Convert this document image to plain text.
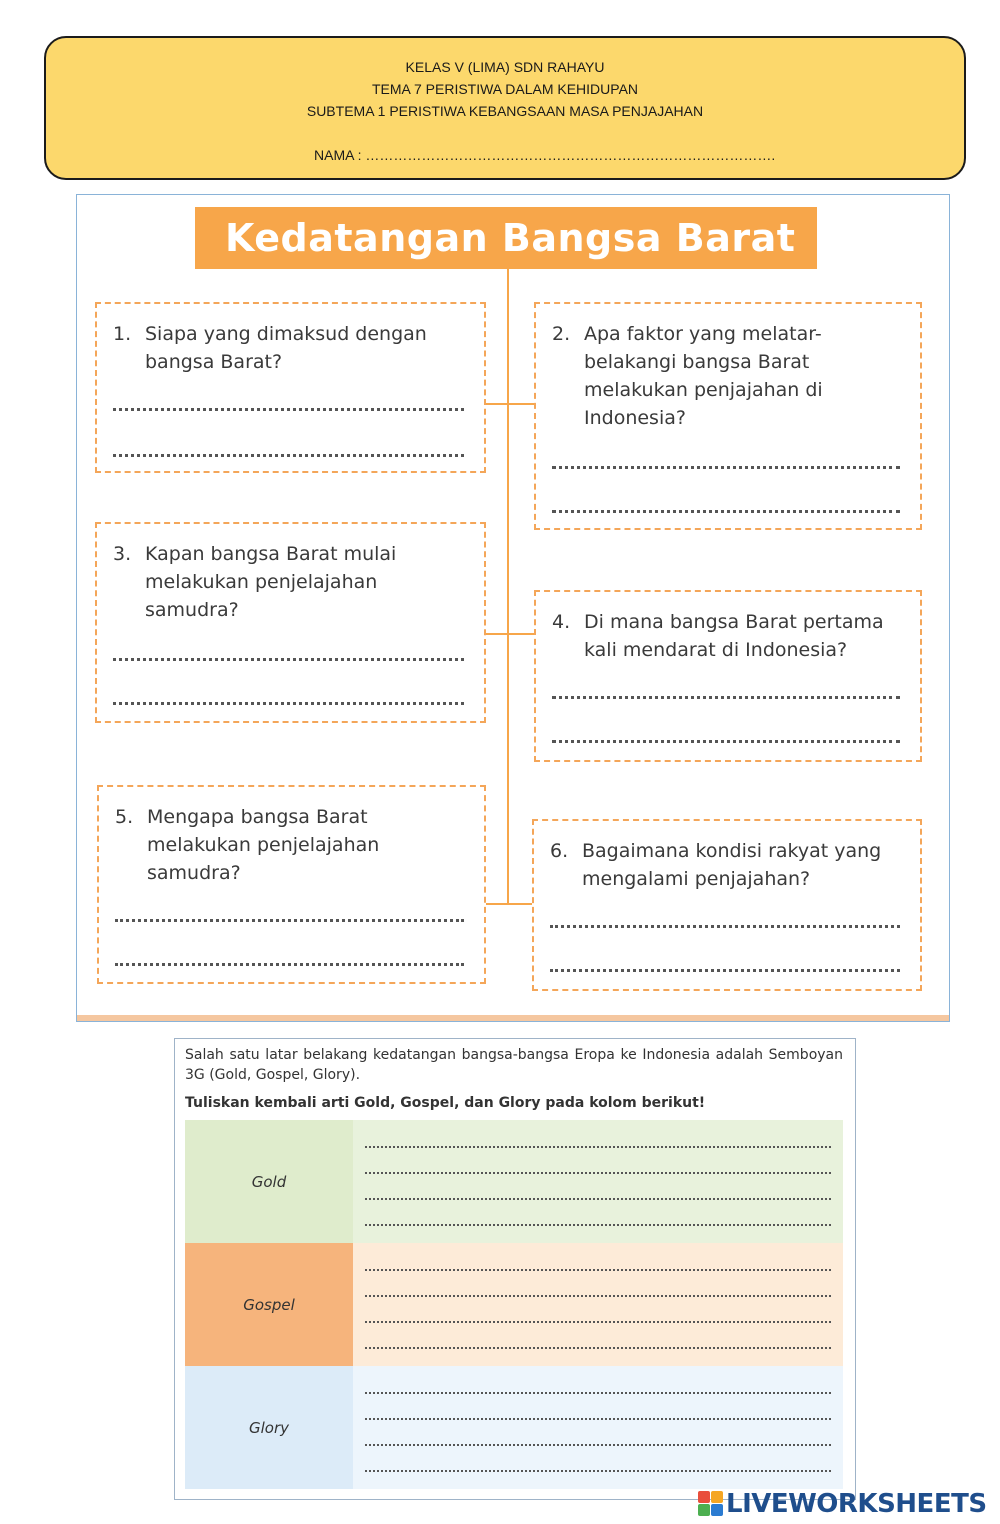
KELAS V (LIMA) SDN RAHAYU
TEMA 7 PERISTIWA DALAM KEHIDUPAN
SUBTEMA 1 PERISTIWA KEBANGSAAN MASA PENJAJAHAN
NAMA : …………………………………………………………………………….
Kedatangan Bangsa Barat
1. Siapa yang dimaksud dengan bangsa Barat?
2. Apa faktor yang melatar-belakangi bangsa Barat melakukan penjajahan di Indonesia?
3. Kapan bangsa Barat mulai melakukan penjelajahan samudra?
4. Di mana bangsa Barat pertama kali mendarat di Indonesia?
5. Mengapa bangsa Barat melakukan penjelajahan samudra?
6. Bagaimana kondisi rakyat yang mengalami penjajahan?
Salah satu latar belakang kedatangan bangsa-bangsa Eropa ke Indonesia adalah Semboyan 3G (Gold, Gospel, Glory).
Tuliskan kembali arti Gold, Gospel, dan Glory pada kolom berikut!
Gold
Gospel
Glory
LIVEWORKSHEETS
